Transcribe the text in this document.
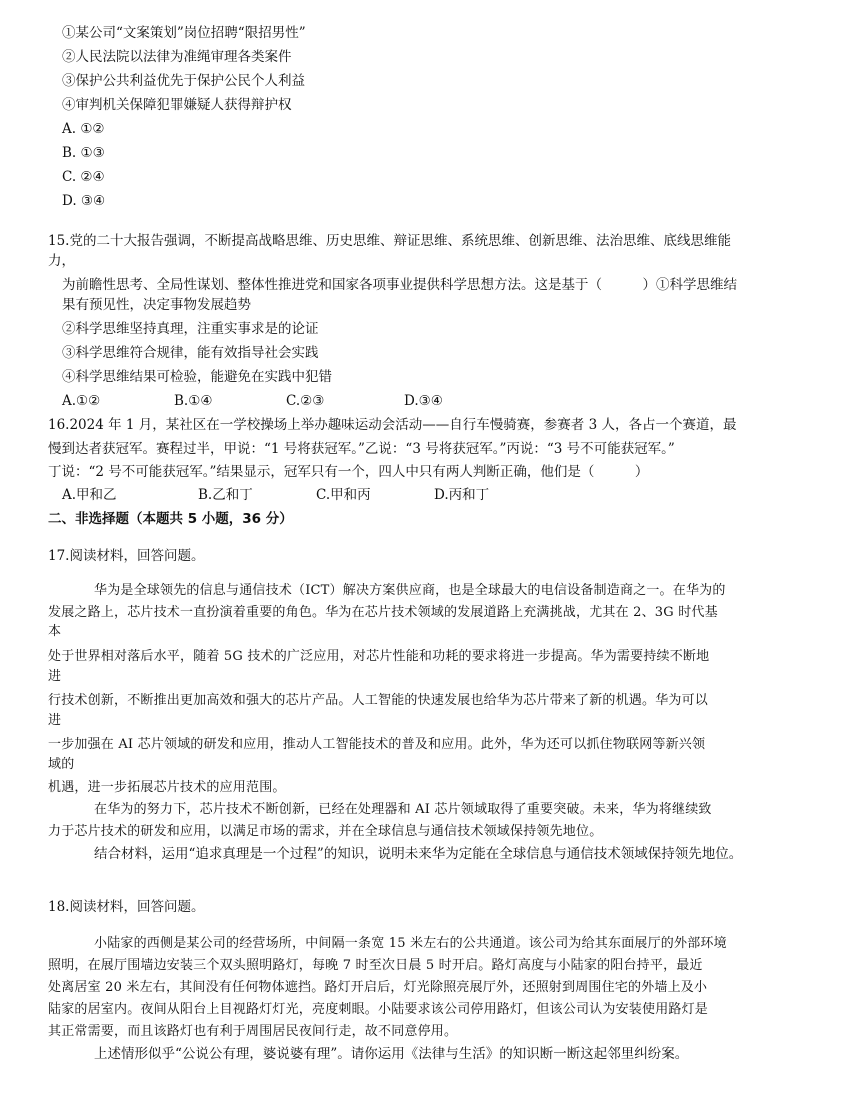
①某公司“文案策划”岗位招聘“限招男性”
②人民法院以法律为准绳审理各类案件
③保护公共利益优先于保护公民个人利益
④审判机关保障犯罪嫌疑人获得辩护权
A. ①②
B. ①③
C. ②④
D. ③④
15.党的二十大报告强调，不断提高战略思维、历史思维、辩证思维、系统思维、创新思维、法治思维、底线思维能
力，
为前瞻性思考、全局性谋划、整体性推进党和国家各项事业提供科学思想方法。这是基于（　　　）①科学思维结
果有预见性，决定事物发展趋势
②科学思维坚持真理，注重实事求是的论证
③科学思维符合规律，能有效指导社会实践
④科学思维结果可检验，能避免在实践中犯错
A.①②	B.①④	C.②③	D.③④
16.2024 年 1 月，某社区在一学校操场上举办趣味运动会活动——自行车慢骑赛，参赛者 3 人，各占一个赛道，最
慢到达者获冠军。赛程过半，甲说：“1 号将获冠军。”乙说：“3 号将获冠军。”丙说：“3 号不可能获冠军。”
丁说：“2 号不可能获冠军。”结果显示，冠军只有一个，四人中只有两人判断正确，他们是（　　　）
A.甲和乙	B.乙和丁	C.甲和丙	D.丙和丁
二、非选择题（本题共 5 小题，36 分）
17.阅读材料，回答问题。
华为是全球领先的信息与通信技术（ICT）解决方案供应商，也是全球最大的电信设备制造商之一。在华为的
发展之路上，芯片技术一直扮演着重要的角色。华为在芯片技术领域的发展道路上充满挑战，尤其在 2、3G 时代基
本
处于世界相对落后水平，随着 5G 技术的广泛应用，对芯片性能和功耗的要求将进一步提高。华为需要持续不断地
进
行技术创新，不断推出更加高效和强大的芯片产品。人工智能的快速发展也给华为芯片带来了新的机遇。华为可以
进
一步加强在 AI 芯片领域的研发和应用，推动人工智能技术的普及和应用。此外，华为还可以抓住物联网等新兴领
域的
机遇，进一步拓展芯片技术的应用范围。
在华为的努力下，芯片技术不断创新，已经在处理器和 AI 芯片领域取得了重要突破。未来，华为将继续致
力于芯片技术的研发和应用，以满足市场的需求，并在全球信息与通信技术领域保持领先地位。
结合材料，运用“追求真理是一个过程”的知识，说明未来华为定能在全球信息与通信技术领域保持领先地位。
18.阅读材料，回答问题。
小陆家的西侧是某公司的经营场所，中间隔一条宽 15 米左右的公共通道。该公司为给其东面展厅的外部环境
照明，在展厅围墙边安装三个双头照明路灯，每晚 7 时至次日晨 5 时开启。路灯高度与小陆家的阳台持平，最近
处离居室 20 米左右，其间没有任何物体遮挡。路灯开启后，灯光除照亮展厅外，还照射到周围住宅的外墙上及小
陆家的居室内。夜间从阳台上目视路灯灯光，亮度刺眼。小陆要求该公司停用路灯，但该公司认为安装使用路灯是
其正常需要，而且该路灯也有利于周围居民夜间行走，故不同意停用。
上述情形似乎“公说公有理，婆说婆有理”。请你运用《法律与生活》的知识断一断这起邻里纠纷案。
